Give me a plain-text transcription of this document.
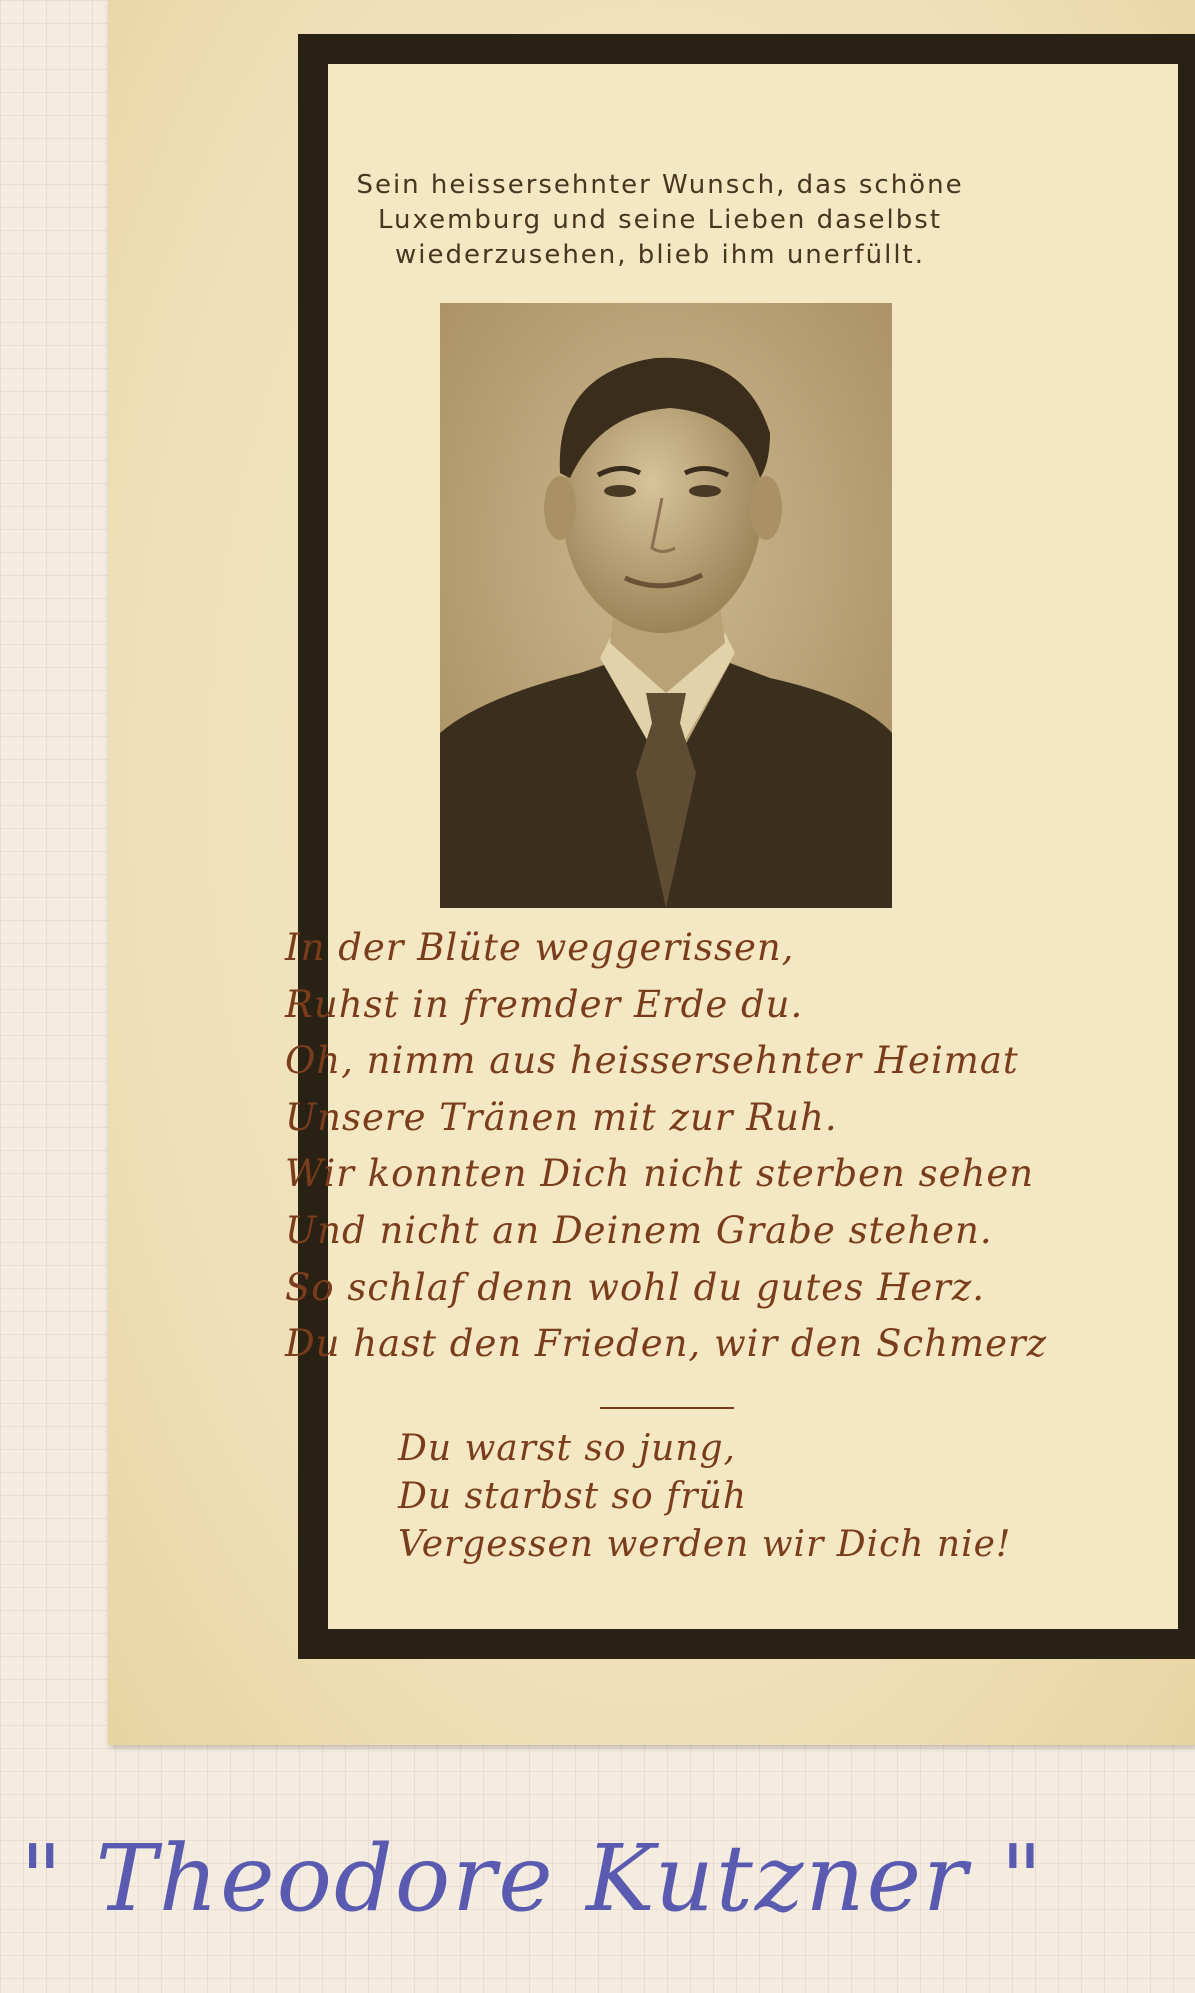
Sein heissersehnter Wunsch, das schöne
Luxemburg und seine Lieben daselbst
wiederzusehen, blieb ihm unerfüllt.
In der Blüte weggerissen,
Ruhst in fremder Erde du.
Oh, nimm aus heissersehnter Heimat
Unsere Tränen mit zur Ruh.
Wir konnten Dich nicht sterben sehen
Und nicht an Deinem Grabe stehen.
So schlaf denn wohl du gutes Herz.
Du hast den Frieden, wir den Schmerz
Du warst so jung,
Du starbst so früh
Vergessen werden wir Dich nie!
" Theodore Kutzner "
